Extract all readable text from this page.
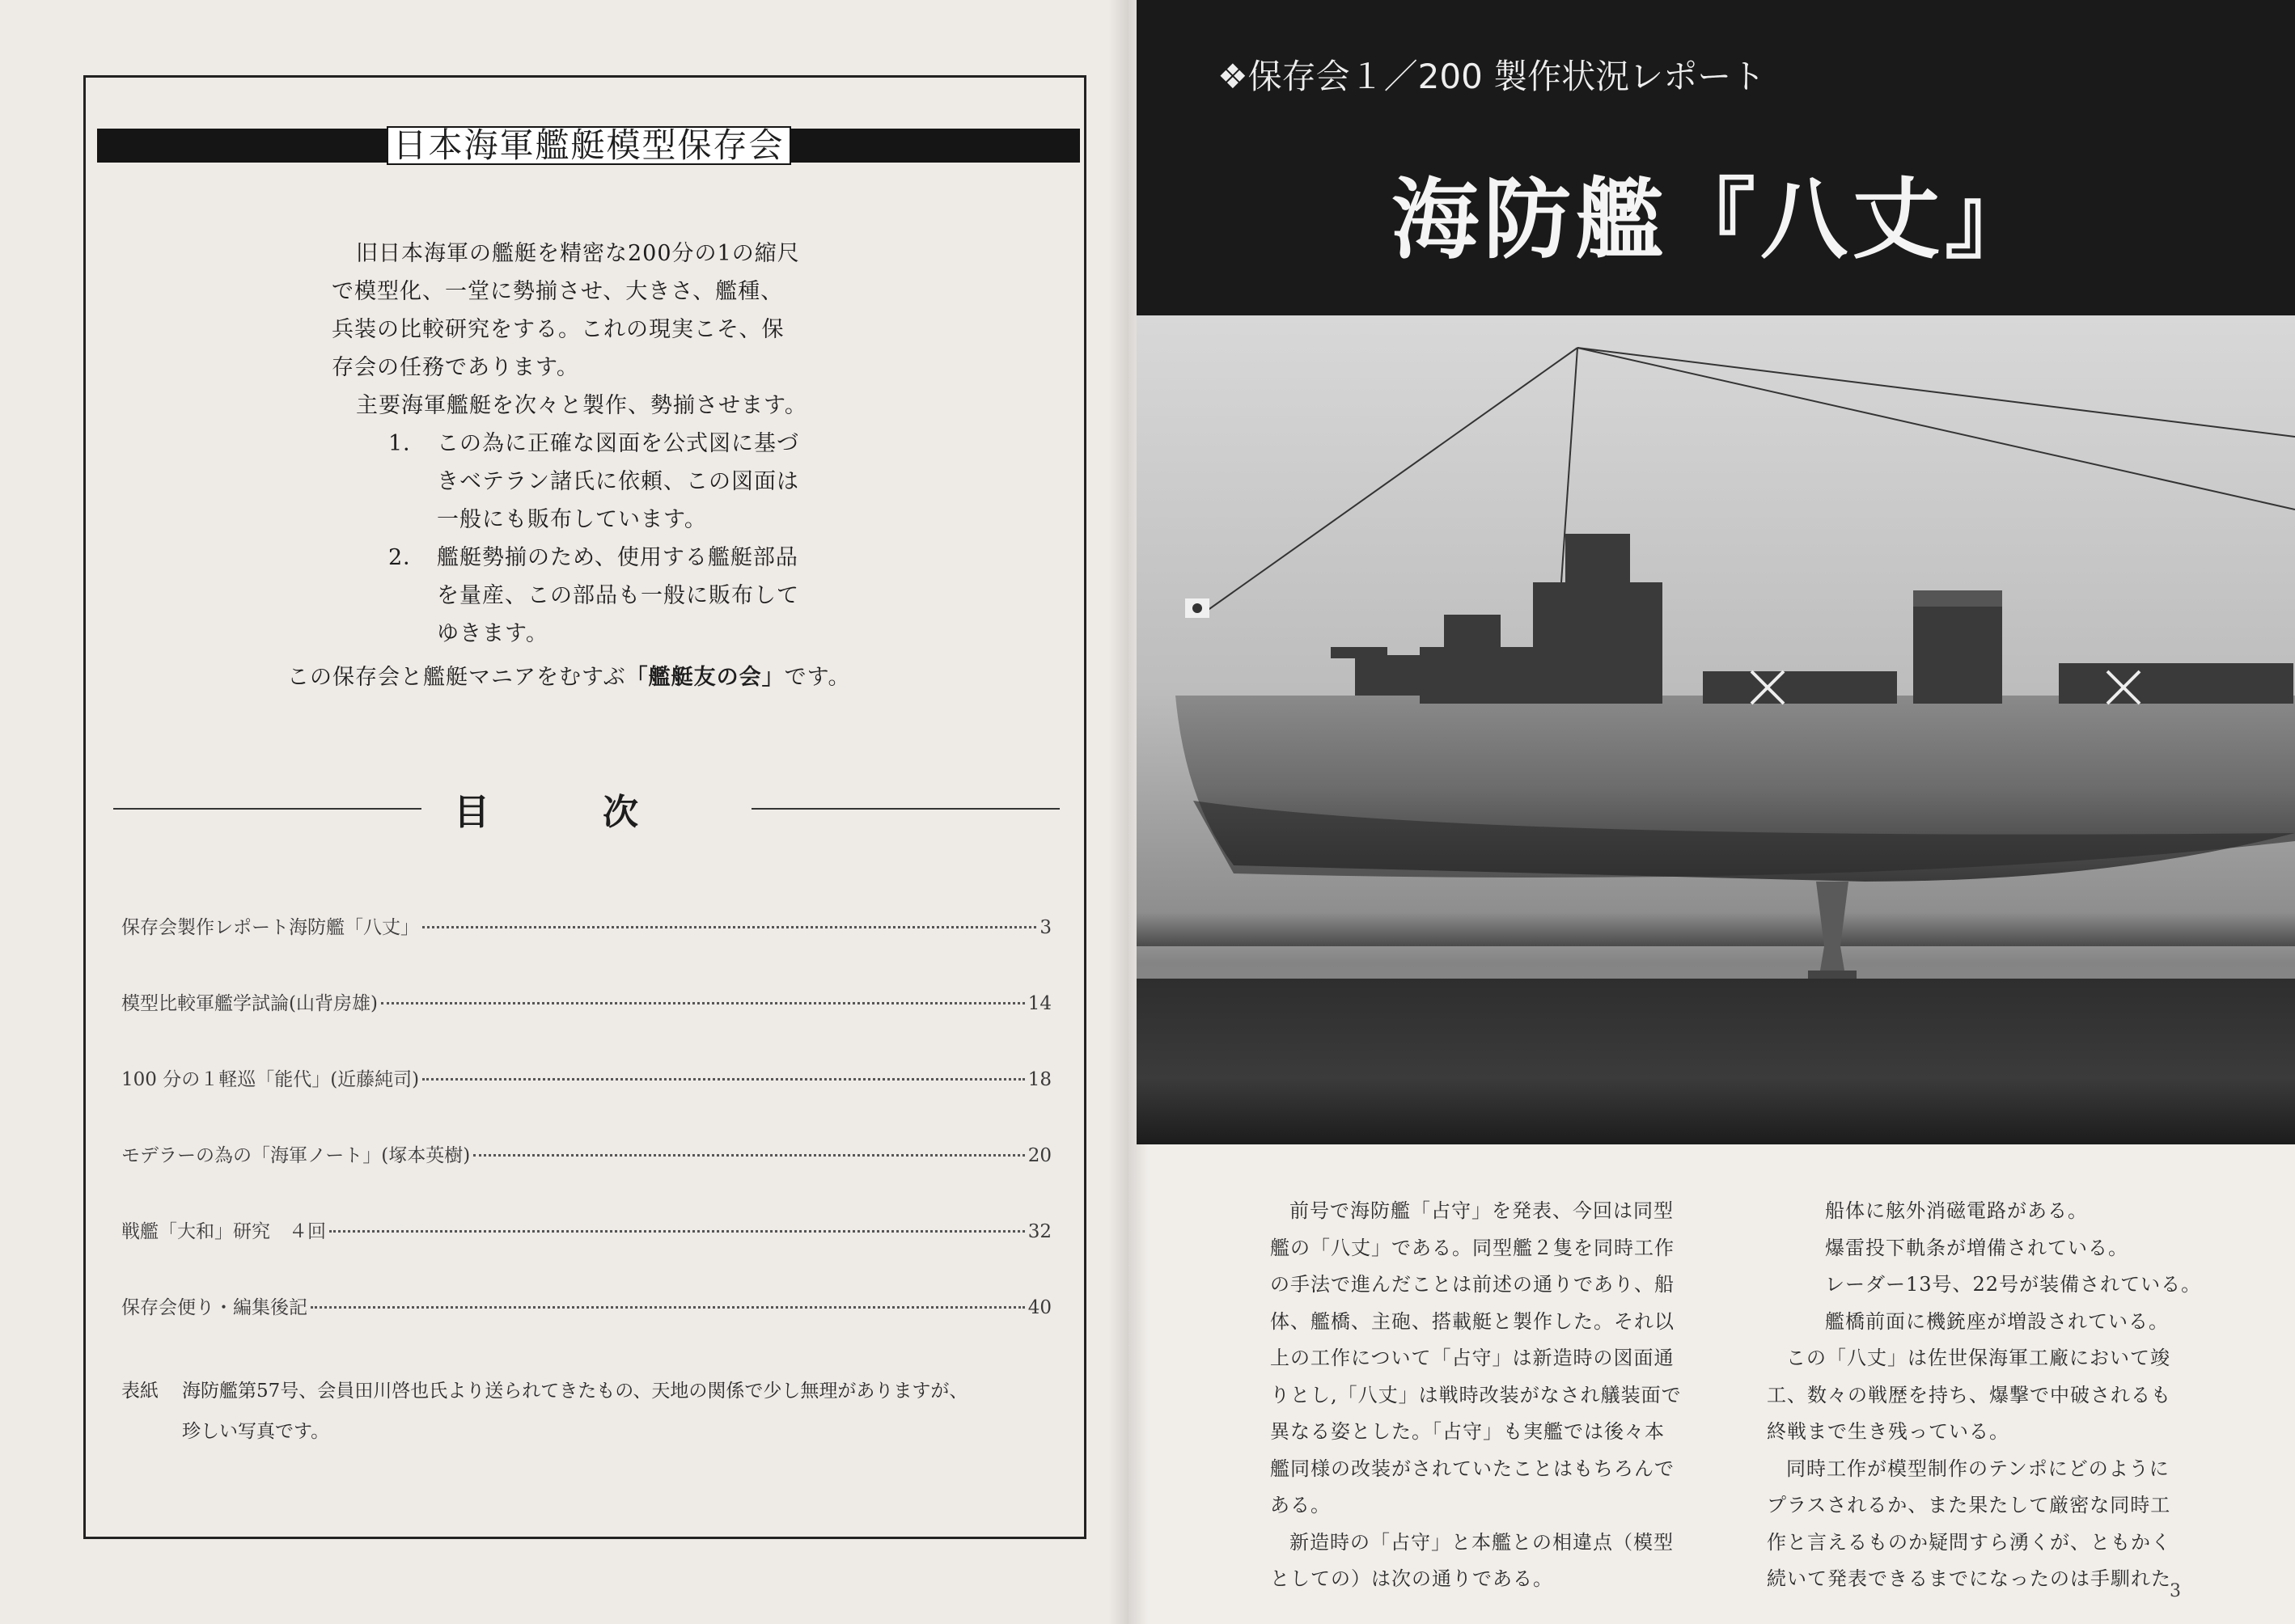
日本海軍艦艇模型保存会

旧日本海軍の艦艇を精密な200分の1の縮尺

で模型化、一堂に勢揃させ、大きさ、艦種、

兵装の比較研究をする。これの現実こそ、保

存会の任務であります。

主要海軍艦艇を次々と製作、勢揃させます。

1． この為に正確な図面を公式図に基づ

きベテラン諸氏に依頼、この図面は

一般にも販布しています。

2． 艦艇勢揃のため、使用する艦艇部品

を量産、この部品も一般に販布して

ゆきます。

この保存会と艦艇マニアをむすぶ「艦艇友の会」です。
目次
保存会製作レポート海防艦「八丈」	3
模型比較軍艦学試論(山背房雄)	14
100 分の１軽巡「能代」(近藤純司)	18
モデラーの為の「海軍ノート」(塚本英樹)	20
戦艦「大和」研究　４回	32
保存会便り・編集後記	40
表紙 海防艦第57号、会員田川啓也氏より送られてきたもの、天地の関係で少し無理がありますが、
珍しい写真です。
❖保存会１／200 製作状況レポート
海防艦『八丈』

前号で海防艦「占守」を発表、今回は同型

艦の「八丈」である。同型艦２隻を同時工作

の手法で進んだことは前述の通りであり、船

体、艦橋、主砲、搭載艇と製作した。それ以

上の工作について「占守」は新造時の図面通

りとし,「八丈」は戦時改装がなされ艤装面で

異なる姿とした。「占守」も実艦では後々本

艦同様の改装がされていたことはもちろんで

ある。

新造時の「占守」と本艦との相違点（模型

としての）は次の通りである。

船体に舷外消磁電路がある。

爆雷投下軌条が増備されている。

レーダー13号、22号が装備されている。

艦橋前面に機銃座が増設されている。

この「八丈」は佐世保海軍工廠において竣

工、数々の戦歴を持ち、爆撃で中破されるも

終戦まで生き残っている。

同時工作が模型制作のテンポにどのように

プラスされるか、また果たして厳密な同時工

作と言えるものか疑問すら湧くが、ともかく

続いて発表できるまでになったのは手馴れた

3
